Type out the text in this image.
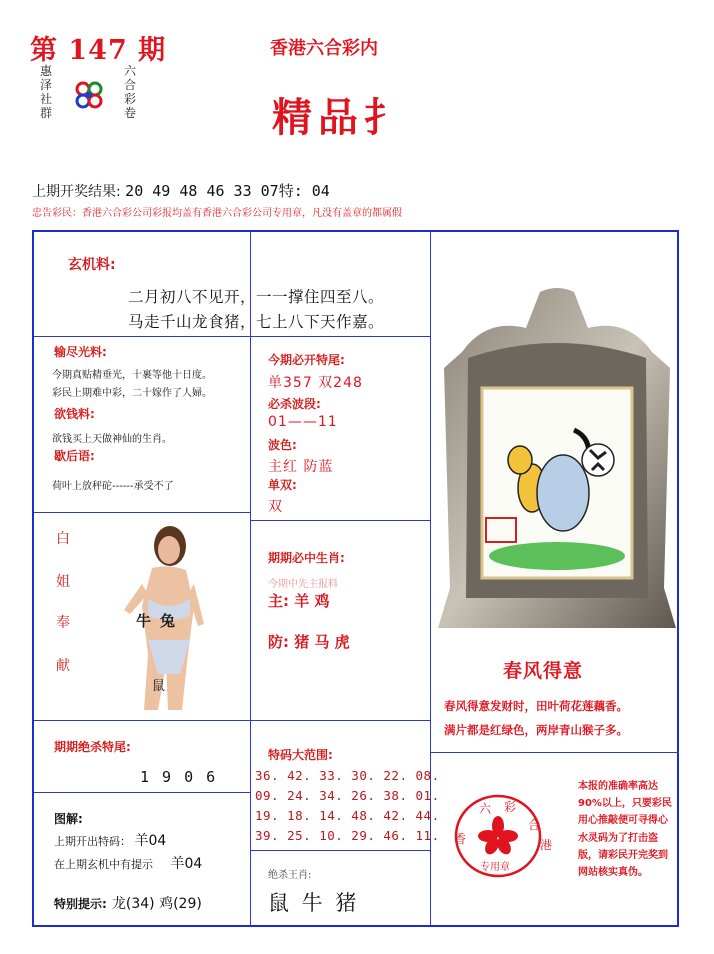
第 147 期
惠泽社群
六合彩卷
香港六合彩内
精品扌
上期开奖结果: 20 49 48 46 33 07特: 04
忠告彩民：香港六合彩公司彩报均盖有香港六合彩公司专用章，凡没有盖章的都属假
玄机料:
二月初八不见开，一一撑住四至八。
马走千山龙食猪，七上八下天作嘉。
输尽光料:
今期真贴精垂光，十裹等他十日度。
彩民上期难中彩，二十嫁作了人婦。
欲钱料:
欲钱买上天做神仙的生肖。
歇后语:
荷叶上放秤砣------承受不了
今期必开特尾:
单357 双248
必杀波段:
01——11
波色:
主红 防蓝
单双:
双
白
姐
奉
献
牛 兔
鼠
期期必中生肖:
今期中先主报料
主: 羊 鸡
防: 猪 马 虎
期期绝杀特尾:
1 9 0 6
特码大范围:
36. 42. 33. 30. 22. 08.
09. 24. 34. 26. 38. 01.
19. 18. 14. 48. 42. 44.
39. 25. 10. 29. 46. 11.
图解:
上期开出特码： 羊04
在上期玄机中有提示 羊04
特别提示: 龙(34) 鸡(29)
绝杀王肖:
鼠 牛 猪
春风得意
春风得意发财时，田叶荷花莲藕香。
满片都是红绿色，两岸青山猴子多。
六 彩
香
合
港
专用章
本报的准确率高达 90%以上，只要彩民用心推敲便可寻得心水灵码为了打击盗版，请彩民开完奖到网站核实真伪。
